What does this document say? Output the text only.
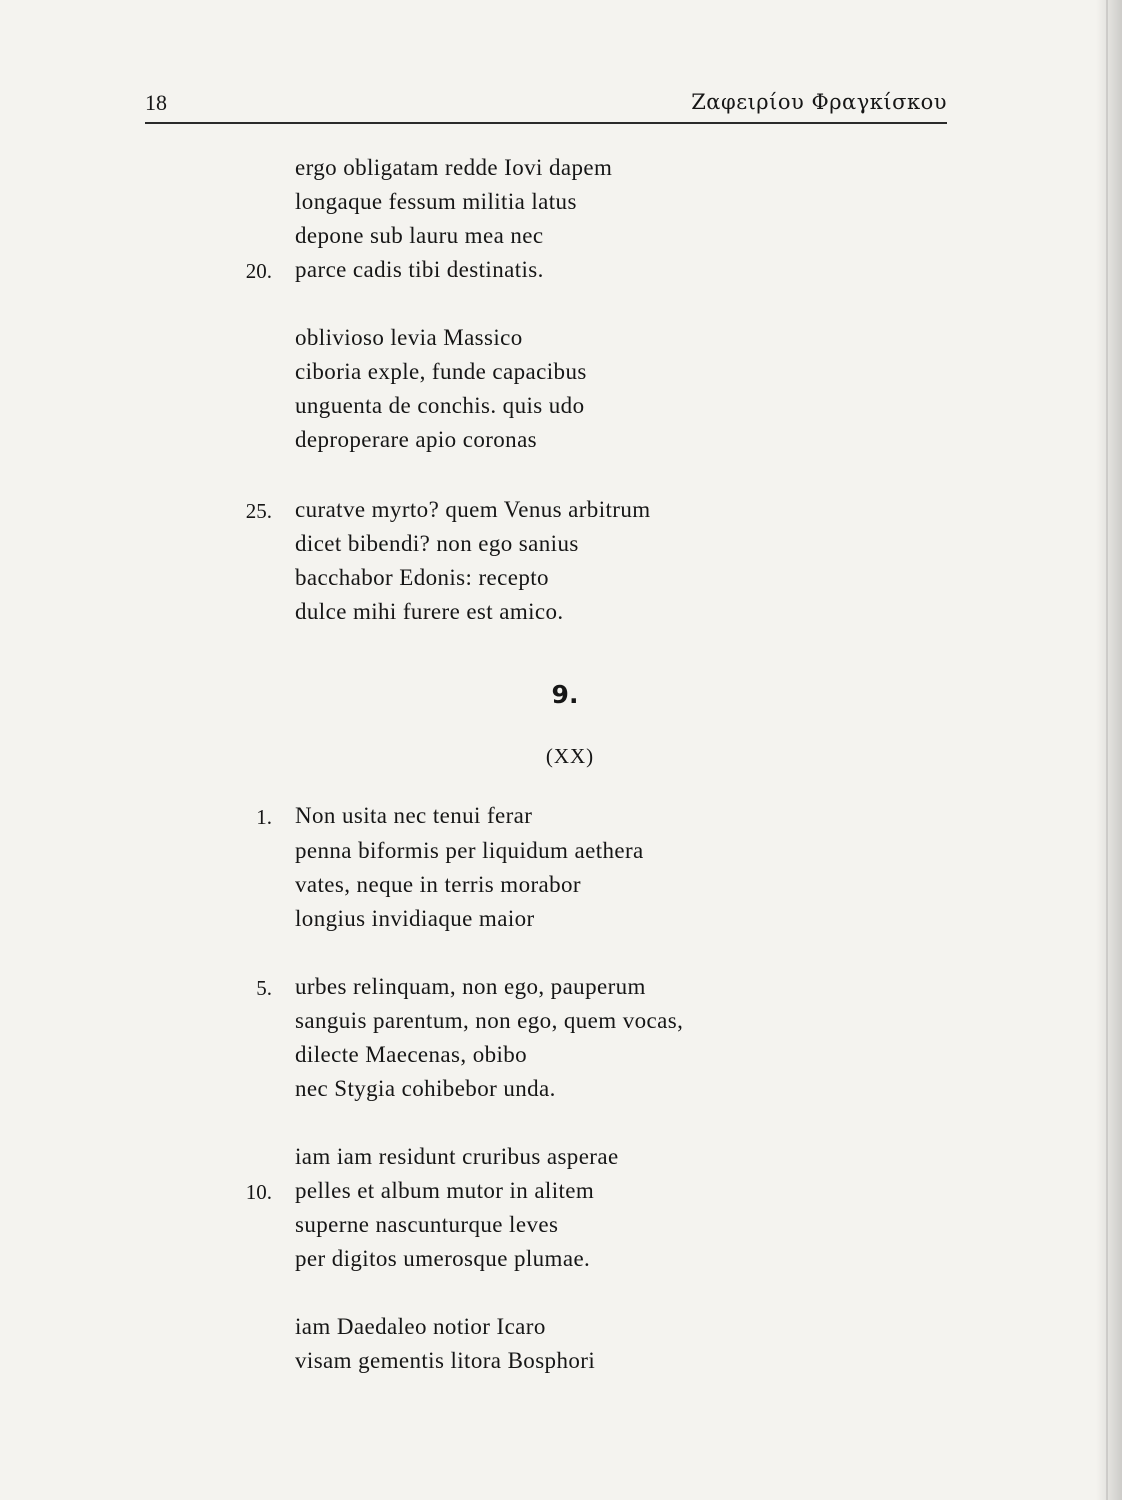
18	Ζαφειρίου Φραγκίσκου
ergo obligatam redde Iovi dapem
longaque fessum militia latus
depone sub lauru mea nec
20. parce cadis tibi destinatis.
oblivioso levia Massico
ciboria exple, funde capacibus
unguenta de conchis. quis udo
deproperare apio coronas
25. curatve myrto? quem Venus arbitrum
dicet bibendi? non ego sanius
bacchabor Edonis: recepto
dulce mihi furere est amico.
9.
(XX)
1. Non usita nec tenui ferar
penna biformis per liquidum aethera
vates, neque in terris morabor
longius invidiaque maior
5. urbes relinquam, non ego, pauperum
sanguis parentum, non ego, quem vocas,
dilecte Maecenas, obibo
nec Stygia cohibebor unda.
iam iam residunt cruribus asperae
10. pelles et album mutor in alitem
superne nascunturque leves
per digitos umerosque plumae.
iam Daedaleo notior Icaro
visam gementis litora Bosphori
